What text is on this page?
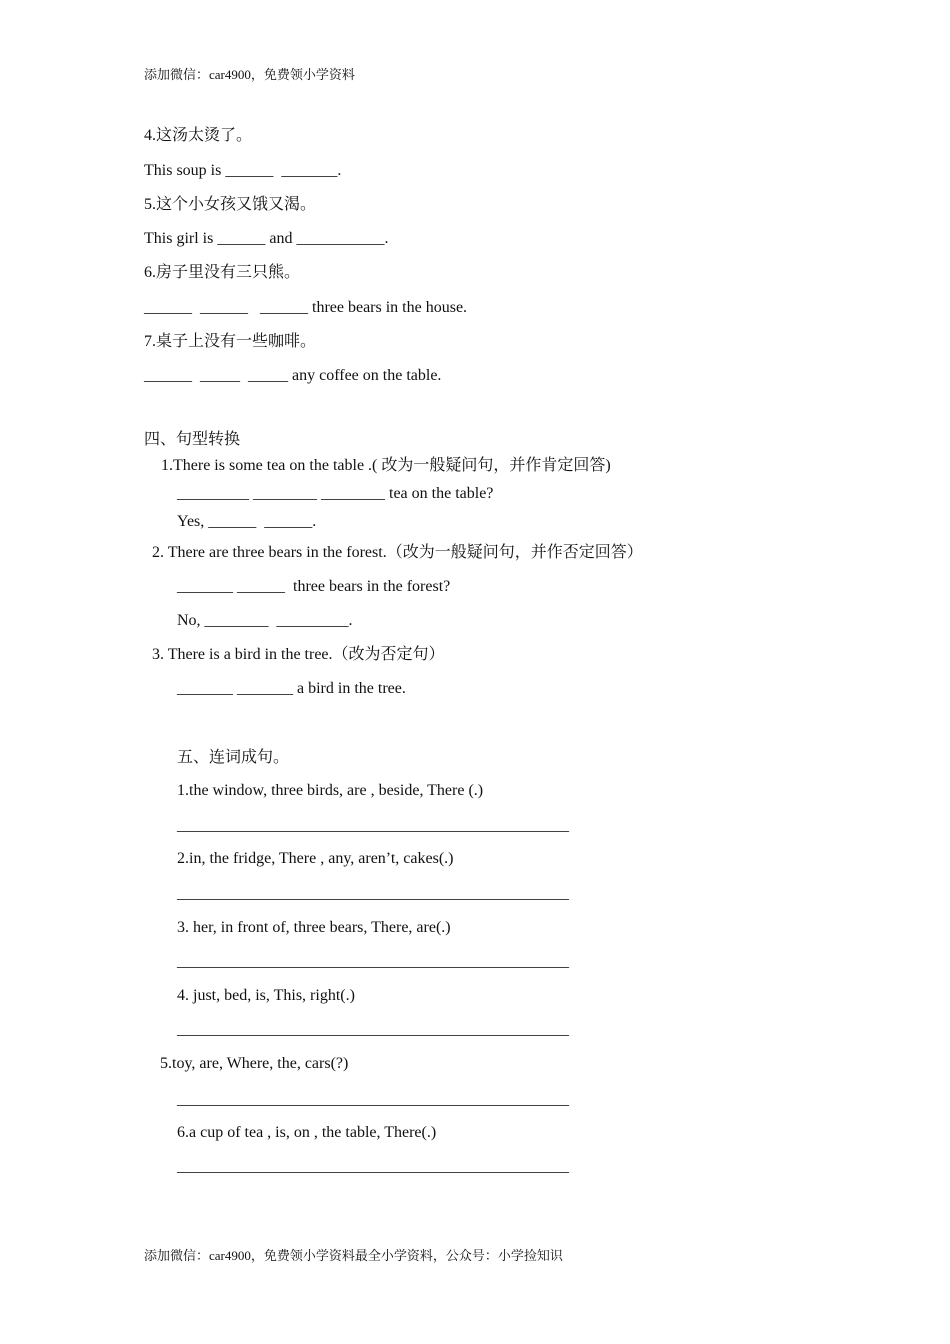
添加微信：car4900，免费领小学资料
4.这汤太烫了。
This soup is ______  _______.
5.这个小女孩又饿又渴。
This girl is ______ and ___________.
6.房子里没有三只熊。
______  ______   ______ three bears in the house.
7.桌子上没有一些咖啡。
______  _____  _____ any coffee on the table.
四、句型转换
1.There is some tea on the table .( 改为一般疑问句，并作肯定回答)
_________ ________ ________ tea on the table?
Yes, ______  ______.
2. There are three bears in the forest.（改为一般疑问句，并作否定回答）
_______ ______  three bears in the forest?
No, ________  _________.
3. There is a bird in the tree.（改为否定句）
_______ _______ a bird in the tree.
五、连词成句。
1.the window, three birds, are , beside, There (.)
_________________________________________________
2.in, the fridge, There , any, aren’t, cakes(.)
_________________________________________________
3. her, in front of, three bears, There, are(.)
_________________________________________________
4. just, bed, is, This, right(.)
_________________________________________________
5.toy, are, Where, the, cars(?)
_________________________________________________
6.a cup of tea , is, on , the table, There(.)
_________________________________________________
添加微信：car4900，免费领小学资料最全小学资料，公众号：小学捡知识
